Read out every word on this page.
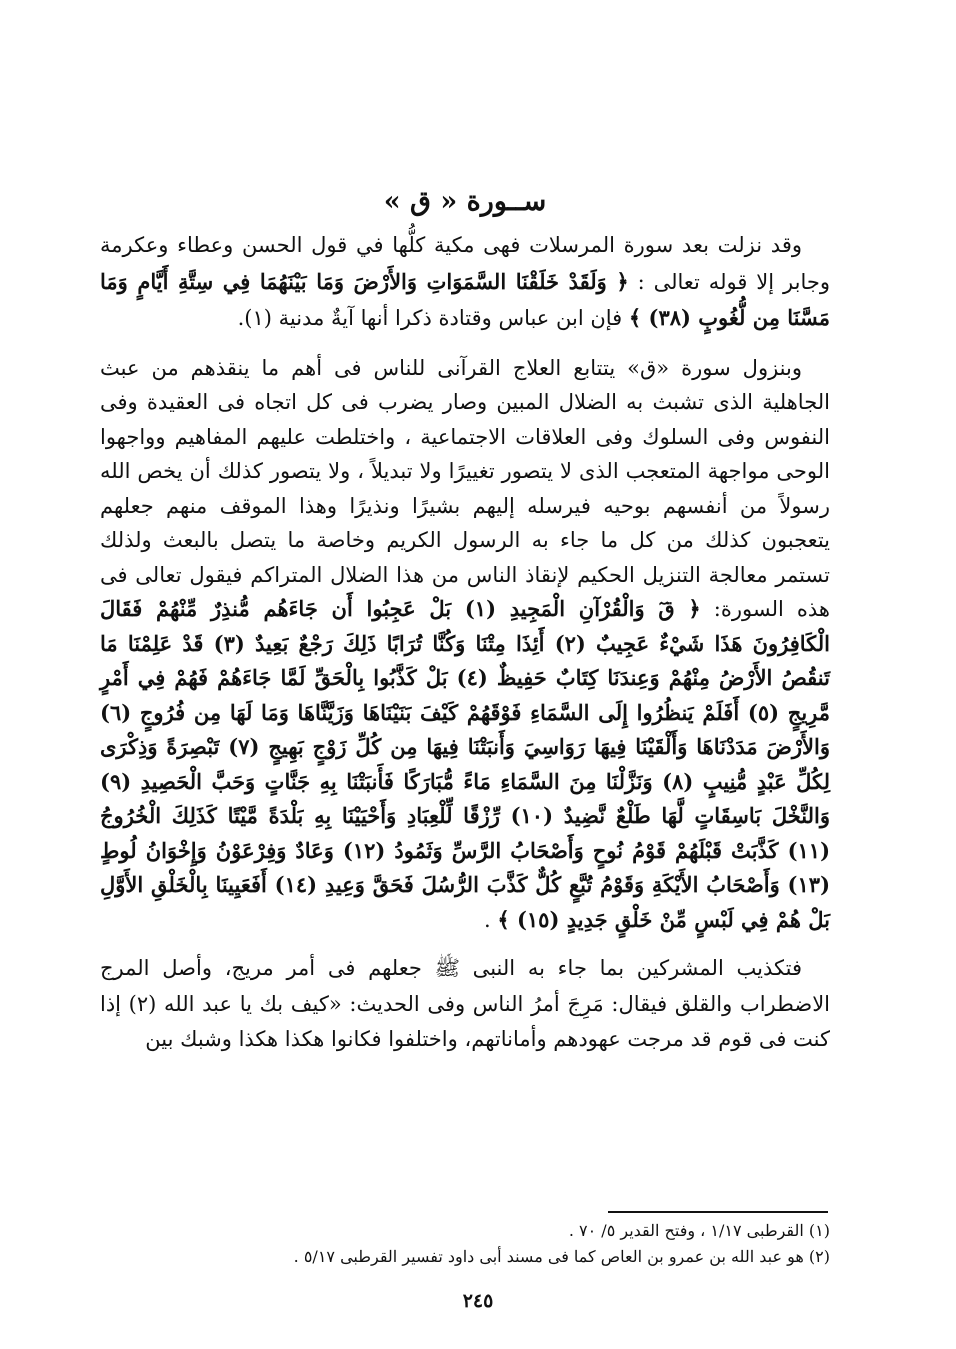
ســورة « ق »

وقد نزلت بعد سورة المرسلات فهى مكية كلُّها في قول الحسن وعطاء وعكرمة وجابر إلا قوله تعالى : ﴿ وَلَقَدْ خَلَقْنَا السَّمَوَاتِ وَالأَرْضَ وَمَا بَيْنَهُمَا فِي سِتَّةِ أَيَّامٍ وَمَا مَسَّنَا مِن لُّغُوبٍ (٣٨) ﴾ فإن ابن عباس وقتادة ذكرا أنها آيةٌ مدنية (١).

وبنزول سورة «ق» يتتابع العلاج القرآنى للناس فى أهم ما ينقذهم من عبث الجاهلية الذى تشبث به الضلال المبين وصار يضرب فى كل اتجاه فى العقيدة وفى النفوس وفى السلوك وفى العلاقات الاجتماعية ، واختلطت عليهم المفاهيم وواجهوا الوحى مواجهة المتعجب الذى لا يتصور تغييرًا ولا تبديلاً ، ولا يتصور كذلك أن يخص الله رسولاً من أنفسهم بوحيه فيرسله إليهم بشيرًا ونذيرًا وهذا الموقف منهم جعلهم يتعجبون كذلك من كل ما جاء به الرسول الكريم وخاصة ما يتصل بالبعث ولذلك تستمر معالجة التنزيل الحكيم لإنقاذ الناس من هذا الضلال المتراكم فيقول تعالى فى هذه السورة: ﴿ قٓ وَالْقُرْآنِ الْمَجِيدِ (١) بَلْ عَجِبُوا أَن جَاءَهُم مُّنذِرٌ مِّنْهُمْ فَقَالَ الْكَافِرُونَ هَذَا شَيْءٌ عَجِيبٌ (٢) أَئِذَا مِتْنَا وَكُنَّا تُرَابًا ذَلِكَ رَجْعٌ بَعِيدٌ (٣) قَدْ عَلِمْنَا مَا تَنقُصُ الأَرْضُ مِنْهُمْ وَعِندَنَا كِتَابٌ حَفِيظٌ (٤) بَلْ كَذَّبُوا بِالْحَقِّ لَمَّا جَاءَهُمْ فَهُمْ فِي أَمْرٍ مَّرِيجٍ (٥) أَفَلَمْ يَنظُرُوا إِلَى السَّمَاءِ فَوْقَهُمْ كَيْفَ بَنَيْنَاهَا وَزَيَّنَّاهَا وَمَا لَهَا مِن فُرُوجٍ (٦) وَالأَرْضَ مَدَدْنَاهَا وَأَلْقَيْنَا فِيهَا رَوَاسِيَ وَأَنبَتْنَا فِيهَا مِن كُلِّ زَوْجٍ بَهِيجٍ (٧) تَبْصِرَةً وَذِكْرَى لِكُلِّ عَبْدٍ مُّنِيبٍ (٨) وَنَزَّلْنَا مِنَ السَّمَاءِ مَاءً مُّبَارَكًا فَأَنبَتْنَا بِهِ جَنَّاتٍ وَحَبَّ الْحَصِيدِ (٩) وَالنَّخْلَ بَاسِقَاتٍ لَّهَا طَلْعٌ نَّضِيدٌ (١٠) رِّزْقًا لِّلْعِبَادِ وَأَحْيَيْنَا بِهِ بَلْدَةً مَّيْتًا كَذَلِكَ الْخُرُوجُ (١١) كَذَّبَتْ قَبْلَهُمْ قَوْمُ نُوحٍ وَأَصْحَابُ الرَّسِّ وَثَمُودُ (١٢) وَعَادٌ وَفِرْعَوْنُ وَإِخْوَانُ لُوطٍ (١٣) وَأَصْحَابُ الأَيْكَةِ وَقَوْمُ تُبَّعٍ كُلٌّ كَذَّبَ الرُّسُلَ فَحَقَّ وَعِيدِ (١٤) أَفَعَيِينَا بِالْخَلْقِ الأَوَّلِ بَلْ هُمْ فِي لَبْسٍ مِّنْ خَلْقٍ جَدِيدٍ (١٥) ﴾ .

فتكذيب المشركين بما جاء به النبى ﷺ جعلهم فى أمر مريج، وأصل المرج الاضطراب والقلق فيقال: مَرِجَ أمرُ الناس وفى الحديث: «كيف بك يا عبد الله (٢) إذا كنت فى قوم قد مرجت عهودهم وأماناتهم، واختلفوا فكانوا هكذا هكذا وشبك بين

(١) القرطبى ١/١٧ ، وفتح القدير ٥/ ٧٠ .

(٢) هو عبد الله بن عمرو بن العاص كما فى مسند أبى داود تفسير القرطبى ٥/١٧ .

٢٤٥
